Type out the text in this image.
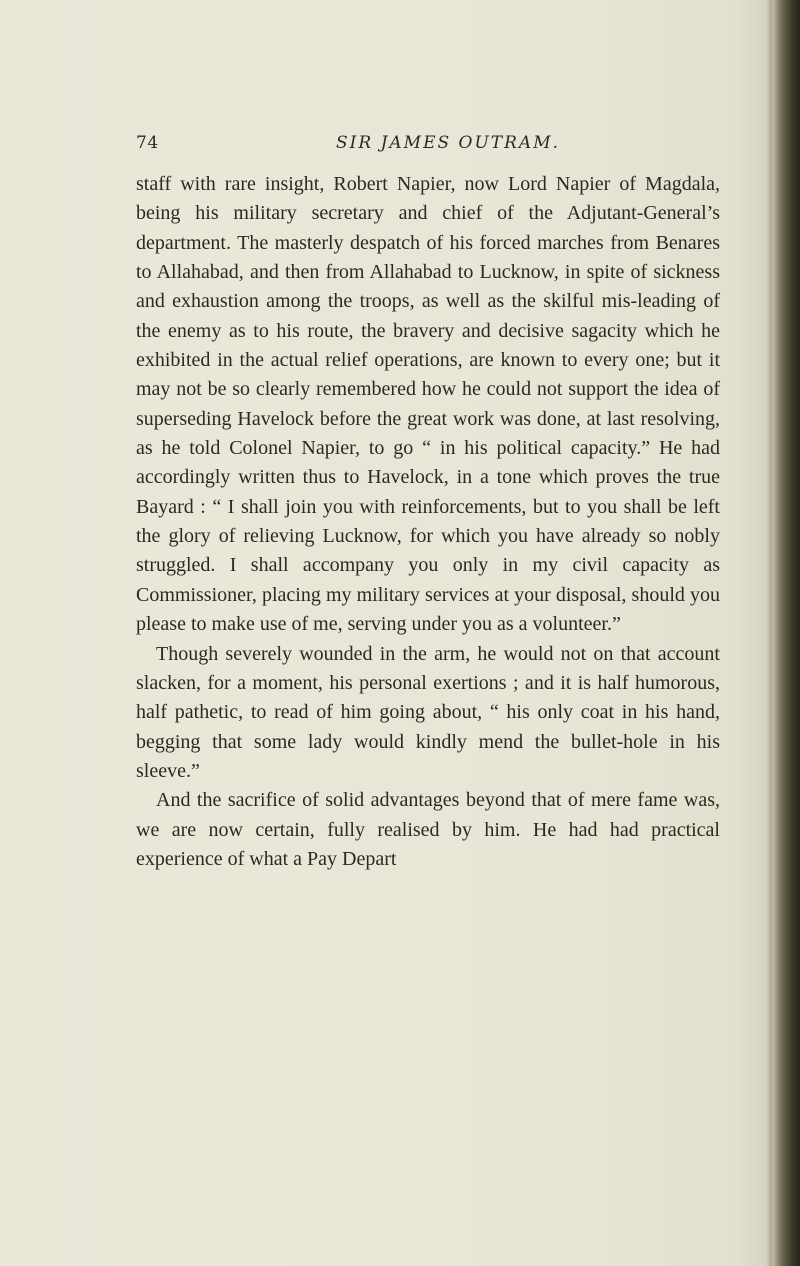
74	SIR JAMES OUTRAM.

staff with rare insight, Robert Napier, now Lord Napier of Magdala, being his military secretary and chief of the Adjutant-General’s department. The masterly despatch of his forced marches from Benares to Allahabad, and then from Allahabad to Lucknow, in spite of sickness and exhaustion among the troops, as well as the skilful mis-leading of the enemy as to his route, the bravery and decisive sagacity which he exhibited in the actual relief operations, are known to every one; but it may not be so clearly remembered how he could not support the idea of superseding Havelock before the great work was done, at last resolving, as he told Colonel Napier, to go “ in his political capacity.” He had accordingly written thus to Havelock, in a tone which proves the true Bayard : “ I shall join you with reinforcements, but to you shall be left the glory of relieving Lucknow, for which you have already so nobly struggled. I shall accompany you only in my civil capacity as Commissioner, placing my military services at your disposal, should you please to make use of me, serving under you as a volunteer.”

Though severely wounded in the arm, he would not on that account slacken, for a moment, his personal exertions ; and it is half humorous, half pathetic, to read of him going about, “ his only coat in his hand, begging that some lady would kindly mend the bullet-hole in his sleeve.”

And the sacrifice of solid advantages beyond that of mere fame was, we are now certain, fully realised by him. He had had practical experience of what a Pay Depart
